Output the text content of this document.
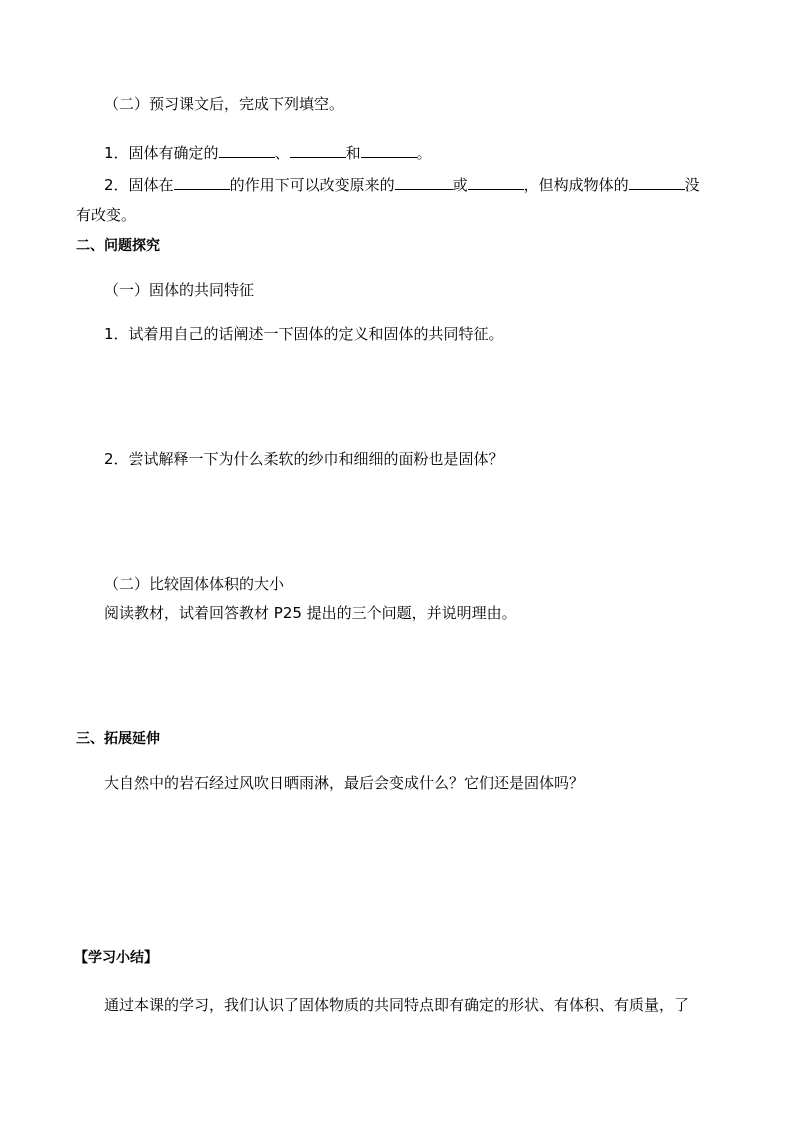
（二）预习课文后，完成下列填空。
1．固体有确定的	、	和	。
2．固体在	的作用下可以改变原来的	或	，但构成物体的	没
有改变。
二、问题探究
（一）固体的共同特征
1．试着用自己的话阐述一下固体的定义和固体的共同特征。
2．尝试解释一下为什么柔软的纱巾和细细的面粉也是固体？
（二）比较固体体积的大小
阅读教材，试着回答教材 P25 提出的三个问题，并说明理由。
三、拓展延伸
大自然中的岩石经过风吹日晒雨淋，最后会变成什么？它们还是固体吗？
【学习小结】
通过本课的学习，我们认识了固体物质的共同特点即有确定的形状、有体积、有质量，了
